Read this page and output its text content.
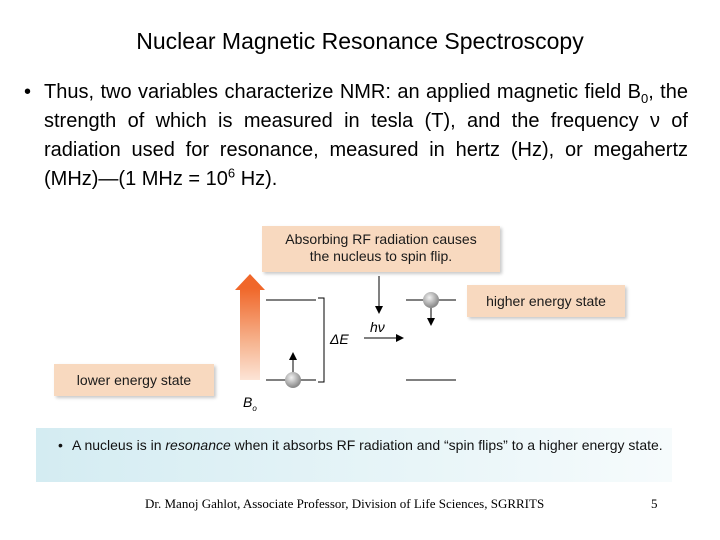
Nuclear Magnetic Resonance Spectroscopy
• Thus, two variables characterize NMR: an applied magnetic field $B_0$, the strength of which is measured in tesla (T), and the frequency ν of radiation used for resonance, measured in hertz (Hz), or megahertz (MHz)—(1 MHz = $10^6$ Hz).
Absorbing RF radiation causes
the nucleus to spin flip.
higher energy state
lower energy state
$B_o$
ΔE
hν
• A nucleus is in resonance when it absorbs RF radiation and “spin flips” to a higher energy state.
Dr. Manoj Gahlot, Associate Professor, Division of Life Sciences, SGRRITS	5
